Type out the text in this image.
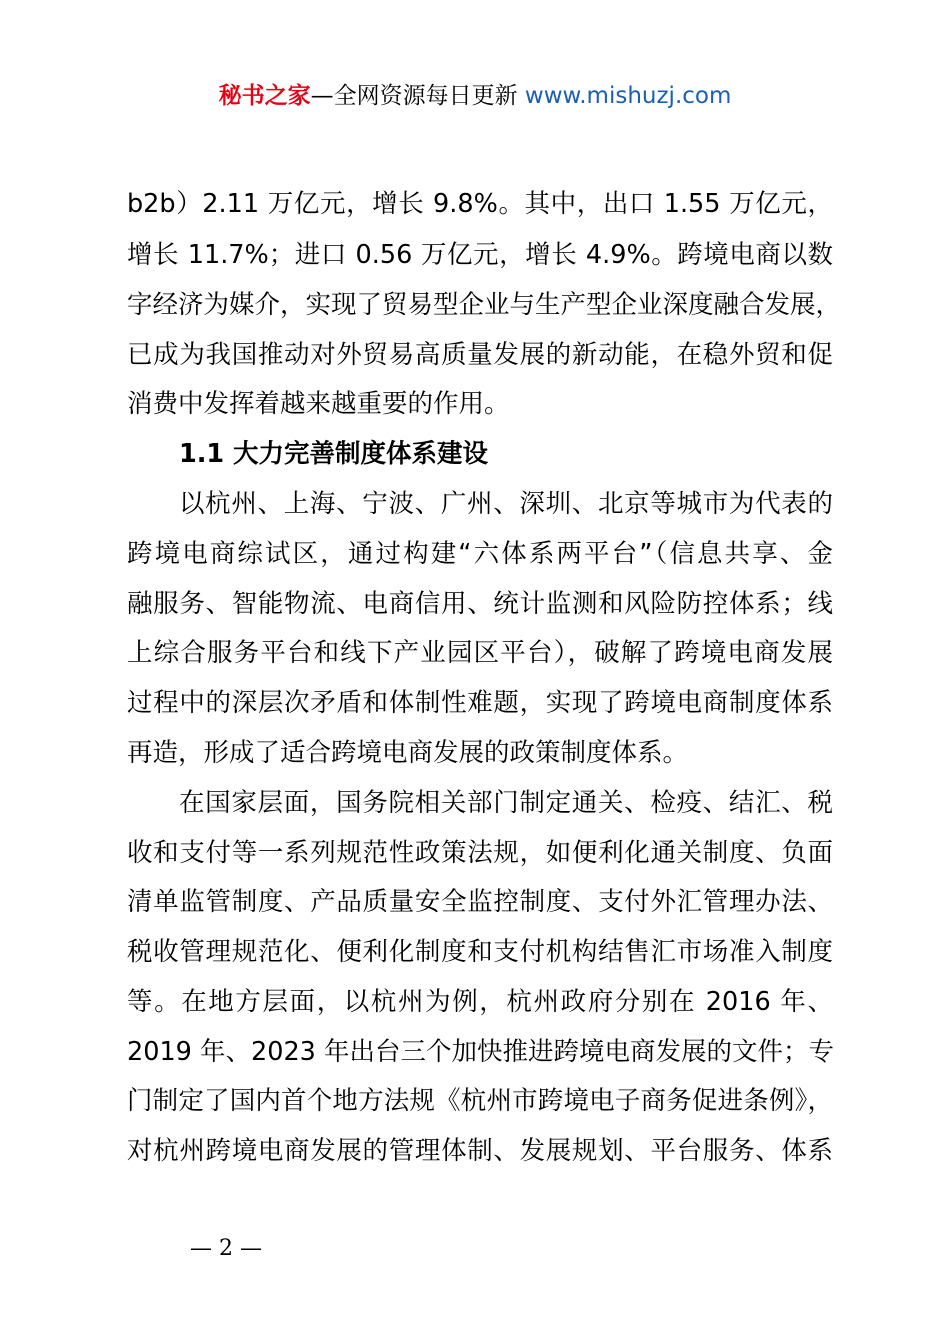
秘书之家—全网资源每日更新 www.mishuzj.com
b2b）2.11 万亿元，增长 9.8%。其中，出口 1.55 万亿元，
增长 11.7%；进口 0.56 万亿元，增长 4.9%。跨境电商以数
字经济为媒介，实现了贸易型企业与生产型企业深度融合发展，
已成为我国推动对外贸易高质量发展的新动能，在稳外贸和促
消费中发挥着越来越重要的作用。
1.1 大力完善制度体系建设
以杭州、上海、宁波、广州、深圳、北京等城市为代表的
跨境电商综试区，通过构建“六体系两平台”（信息共享、金
融服务、智能物流、电商信用、统计监测和风险防控体系；线
上综合服务平台和线下产业园区平台），破解了跨境电商发展
过程中的深层次矛盾和体制性难题，实现了跨境电商制度体系
再造，形成了适合跨境电商发展的政策制度体系。
在国家层面，国务院相关部门制定通关、检疫、结汇、税
收和支付等一系列规范性政策法规，如便利化通关制度、负面
清单监管制度、产品质量安全监控制度、支付外汇管理办法、
税收管理规范化、便利化制度和支付机构结售汇市场准入制度
等。在地方层面，以杭州为例，杭州政府分别在 2016 年、
2019 年、2023 年出台三个加快推进跨境电商发展的文件；专
门制定了国内首个地方法规《杭州市跨境电子商务促进条例》，
对杭州跨境电商发展的管理体制、发展规划、平台服务、体系
— 2 —
